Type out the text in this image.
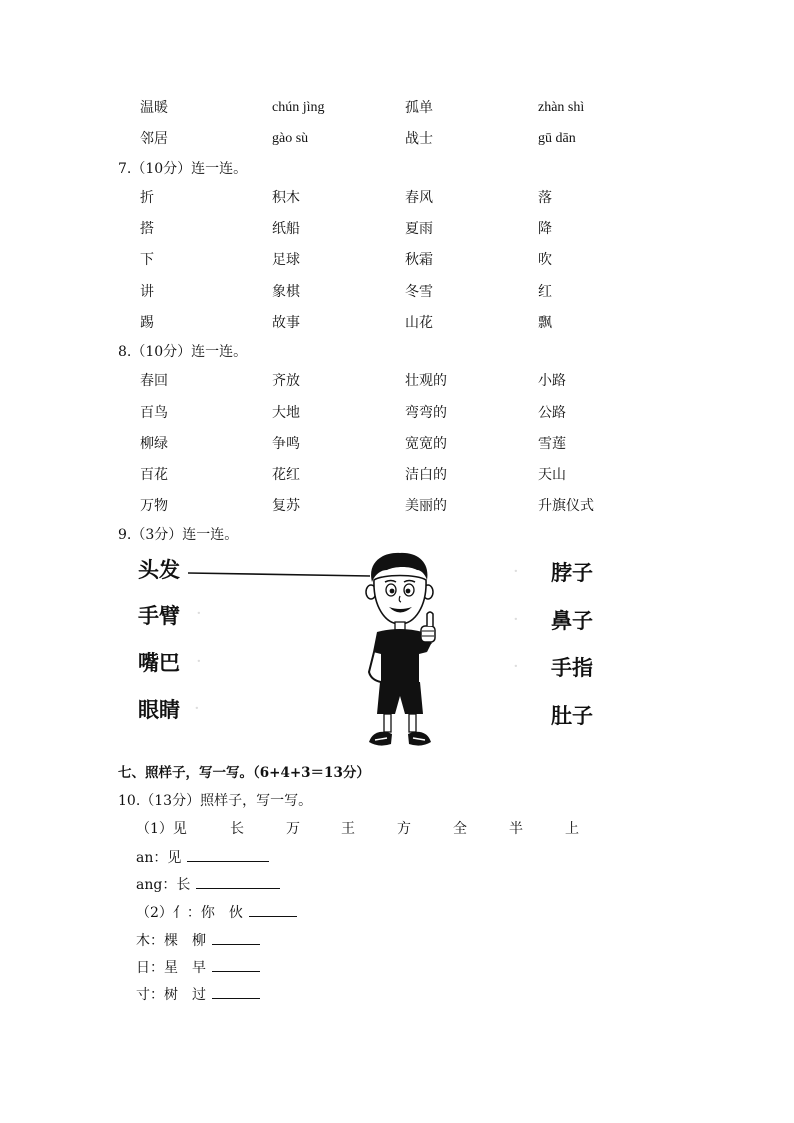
温暖	chún jìng	孤单	zhàn shì
邻居	gào sù	战士	gū dān
7.（10分）连一连。
折	积木	春风	落
搭	纸船	夏雨	降
下	足球	秋霜	吹
讲	象棋	冬雪	红
踢	故事	山花	飘
8.（10分）连一连。
春回	齐放	壮观的	小路
百鸟	大地	弯弯的	公路
柳绿	争鸣	宽宽的	雪莲
百花	花红	洁白的	天山
万物	复苏	美丽的	升旗仪式
9.（3分）连一连。
头发
手臂
嘴巴
眼睛
脖子
鼻子
手指
肚子
·
·
·
·
·
·
七、照样子，写一写。（6+4+3＝13分）
10.（13分）照样子，写一写。
（1）见	长	万	王	方	全	半	上
an：见
ang：长
（2）亻：你 伙
木：棵 柳
日：星 早
寸：树 过
